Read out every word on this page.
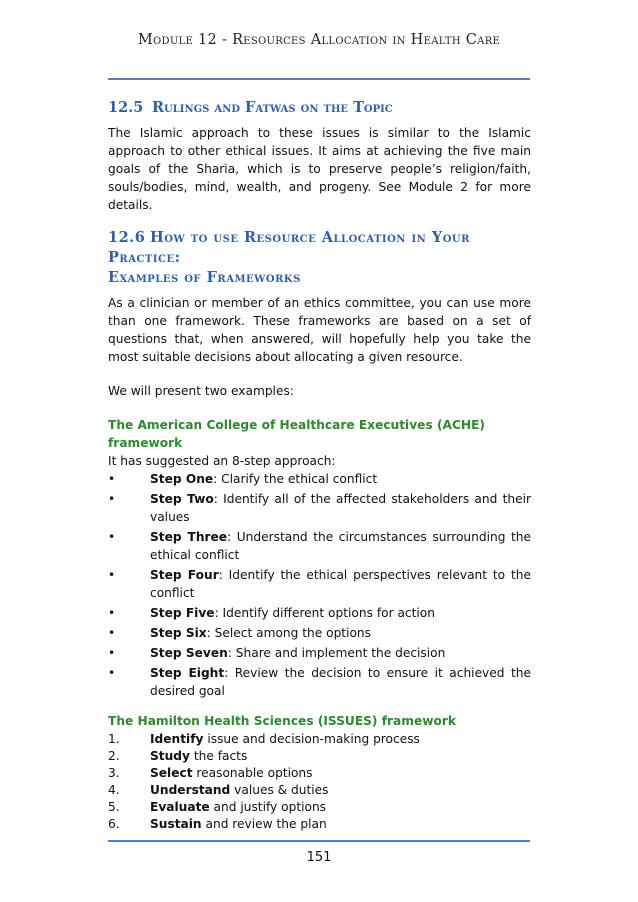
Module 12 - Resources Allocation in Health Care
12.5 Rulings and Fatwas on the Topic

The Islamic approach to these issues is similar to the Islamic approach to other ethical issues. It aims at achieving the five main goals of the Sharia, which is to preserve people’s religion/faith, souls/bodies, mind, wealth, and progeny. See Module 2 for more details.

12.6 How to use Resource Allocation in Your Practice:
Examples of Frameworks

As a clinician or member of an ethics committee, you can use more than one framework. These frameworks are based on a set of questions that, when answered, will hopefully help you take the most suitable decisions about allocating a given resource.

We will present two examples:

The American College of Healthcare Executives (ACHE) framework

It has suggested an 8-step approach:

•	Step One: Clarify the ethical conflict
•	Step Two: Identify all of the affected stakeholders and their values
•	Step Three: Understand the circumstances surrounding the ethical conflict
•	Step Four: Identify the ethical perspectives relevant to the conflict
•	Step Five: Identify different options for action
•	Step Six: Select among the options
•	Step Seven: Share and implement the decision
•	Step Eight: Review the decision to ensure it achieved the desired goal
The Hamilton Health Sciences (ISSUES) framework
1.	Identify issue and decision-making process
2.	Study the facts
3.	Select reasonable options
4.	Understand values & duties
5.	Evaluate and justify options
6.	Sustain and review the plan
151
